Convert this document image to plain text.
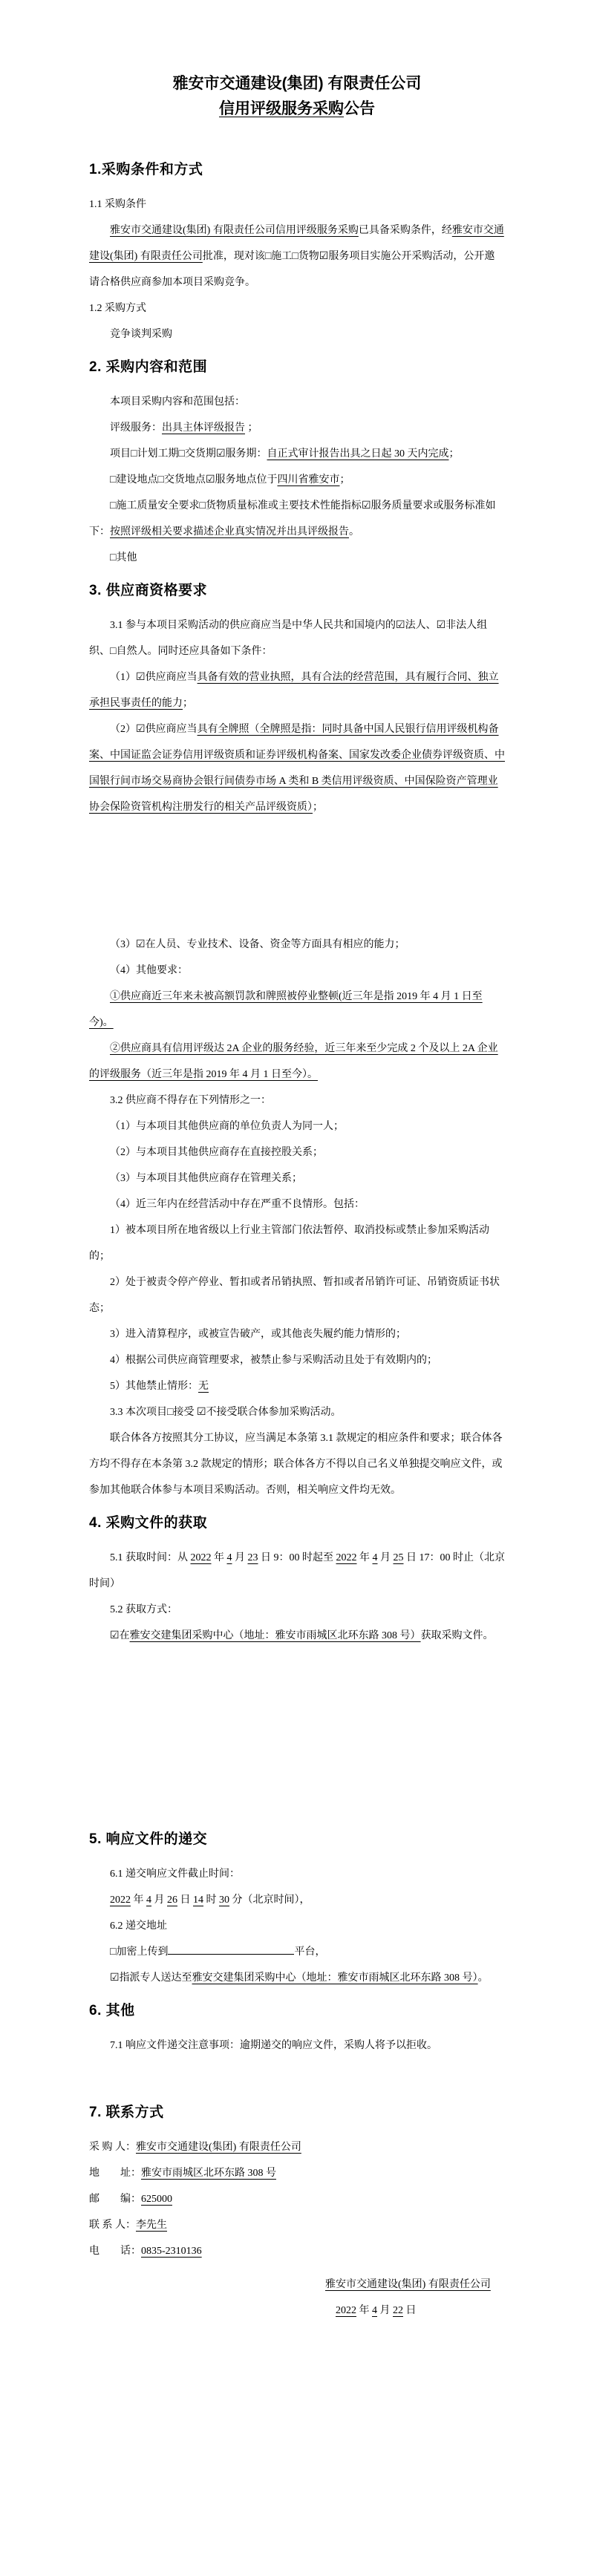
雅安市交通建设(集团) 有限责任公司
信用评级服务采购公告
1.采购条件和方式

1.1 采购条件

雅安市交通建设(集团) 有限责任公司信用评级服务采购已具备采购条件，经雅安市交通建设(集团) 有限责任公司批准，现对该□施工□货物☑服务项目实施公开采购活动，公开邀请合格供应商参加本项目采购竞争。

1.2 采购方式

竞争谈判采购

2. 采购内容和范围

本项目采购内容和范围包括：

评级服务：出具主体评级报告 ；

项目□计划工期□交货期☑服务期：自正式审计报告出具之日起 30 天内完成；

□建设地点□交货地点☑服务地点位于四川省雅安市；

□施工质量安全要求□货物质量标准或主要技术性能指标☑服务质量要求或服务标准如下：按照评级相关要求描述企业真实情况并出具评级报告。

□其他

3. 供应商资格要求

3.1 参与本项目采购活动的供应商应当是中华人民共和国境内的☑法人、☑非法人组织、□自然人。同时还应具备如下条件：

（1）☑供应商应当具备有效的营业执照，具有合法的经营范围，具有履行合同、独立承担民事责任的能力；

（2）☑供应商应当具有全牌照（全牌照是指：同时具备中国人民银行信用评级机构备案、中国证监会证券信用评级资质和证券评级机构备案、国家发改委企业债券评级资质、中国银行间市场交易商协会银行间债券市场 A 类和 B 类信用评级资质、中国保险资产管理业协会保险资管机构注册发行的相关产品评级资质）；

（3）☑在人员、专业技术、设备、资金等方面具有相应的能力；

（4）其他要求：

①供应商近三年来未被高额罚款和牌照被停业整顿(近三年是指 2019 年 4 月 1 日至今)。

②供应商具有信用评级达 2A 企业的服务经验，近三年来至少完成 2 个及以上 2A 企业的评级服务（近三年是指 2019 年 4 月 1 日至今）。

3.2 供应商不得存在下列情形之一：

（1）与本项目其他供应商的单位负责人为同一人；

（2）与本项目其他供应商存在直接控股关系；

（3）与本项目其他供应商存在管理关系；

（4）近三年内在经营活动中存在严重不良情形。包括：

1）被本项目所在地省级以上行业主管部门依法暂停、取消投标或禁止参加采购活动的；

2）处于被责令停产停业、暂扣或者吊销执照、暂扣或者吊销许可证、吊销资质证书状态；

3）进入清算程序，或被宣告破产，或其他丧失履约能力情形的；

4）根据公司供应商管理要求，被禁止参与采购活动且处于有效期内的；

5）其他禁止情形：无

3.3 本次项目□接受 ☑不接受联合体参加采购活动。

联合体各方按照其分工协议，应当满足本条第 3.1 款规定的相应条件和要求；联合体各方均不得存在本条第 3.2 款规定的情形；联合体各方不得以自己名义单独提交响应文件，或参加其他联合体参与本项目采购活动。否则，相关响应文件均无效。

4. 采购文件的获取

5.1 获取时间：从 2022 年 4 月 23 日 9：00 时起至 2022 年 4 月 25 日 17：00 时止（北京时间）

5.2 获取方式：

☑在雅安交建集团采购中心（地址：雅安市雨城区北环东路 308 号）获取采购文件。

5. 响应文件的递交

6.1 递交响应文件截止时间：

2022 年 4 月 26 日 14 时 30 分（北京时间），

6.2 递交地址

□加密上传到	平台，

☑指派专人送达至雅安交建集团采购中心（地址：雅安市雨城区北环东路 308 号）。

6. 其他

7.1 响应文件递交注意事项：逾期递交的响应文件，采购人将予以拒收。

7. 联系方式

采 购 人：雅安市交通建设(集团) 有限责任公司

地　　址：雅安市雨城区北环东路 308 号

邮　　编：625000

联 系 人：李先生

电　　话：0835-2310136

雅安市交通建设(集团) 有限责任公司

2022 年 4 月 22 日
